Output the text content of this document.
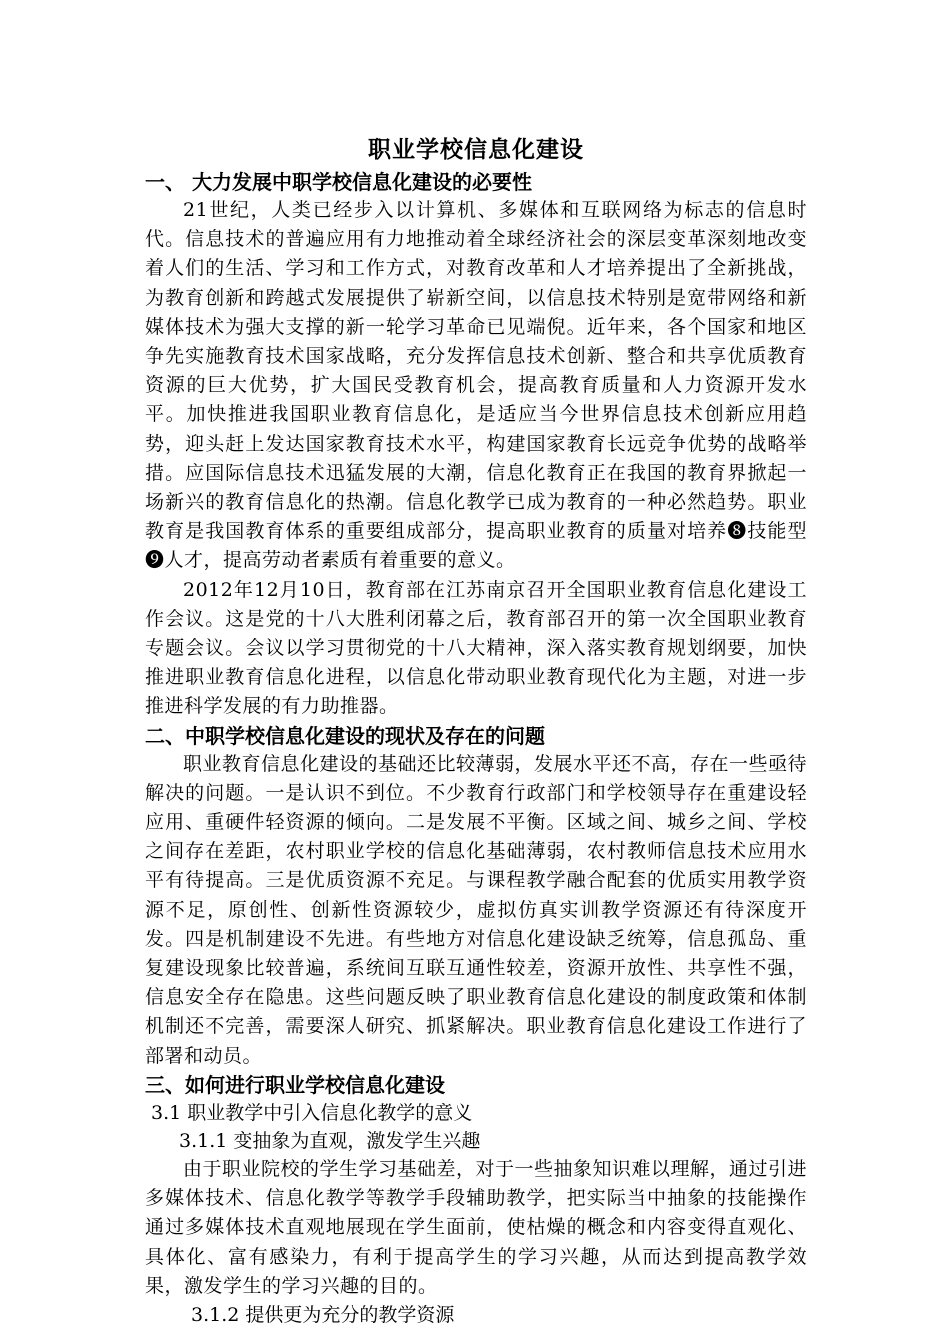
职业学校信息化建设
一、 大力发展中职学校信息化建设的必要性

21世纪，人类已经步入以计算机、多媒体和互联网络为标志的信息时代。信息技术的普遍应用有力地推动着全球经济社会的深层变革深刻地改变着人们的生活、学习和工作方式，对教育改革和人才培养提出了全新挑战，为教育创新和跨越式发展提供了崭新空间，以信息技术特别是宽带网络和新媒体技术为强大支撑的新一轮学习革命已见端倪。近年来，各个国家和地区争先实施教育技术国家战略，充分发挥信息技术创新、整合和共享优质教育资源的巨大优势，扩大国民受教育机会，提高教育质量和人力资源开发水平。加快推进我国职业教育信息化，是适应当今世界信息技术创新应用趋势，迎头赶上发达国家教育技术水平，构建国家教育长远竞争优势的战略举措。应国际信息技术迅猛发展的大潮，信息化教育正在我国的教育界掀起一场新兴的教育信息化的热潮。信息化教学已成为教育的一种必然趋势。职业教育是我国教育体系的重要组成部分，提高职业教育的质量对培养❽技能型❾人才，提高劳动者素质有着重要的意义。

2012年12月10日，教育部在江苏南京召开全国职业教育信息化建设工作会议。这是党的十八大胜利闭幕之后，教育部召开的第一次全国职业教育专题会议。会议以学习贯彻党的十八大精神，深入落实教育规划纲要，加快推进职业教育信息化进程，以信息化带动职业教育现代化为主题，对进一步推进科学发展的有力助推器。

二、中职学校信息化建设的现状及存在的问题

职业教育信息化建设的基础还比较薄弱，发展水平还不高，存在一些亟待解决的问题。一是认识不到位。不少教育行政部门和学校领导存在重建设轻应用、重硬件轻资源的倾向。二是发展不平衡。区域之间、城乡之间、学校之间存在差距，农村职业学校的信息化基础薄弱，农村教师信息技术应用水平有待提高。三是优质资源不充足。与课程教学融合配套的优质实用教学资源不足，原创性、创新性资源较少，虚拟仿真实训教学资源还有待深度开发。四是机制建设不先进。有些地方对信息化建设缺乏统筹，信息孤岛、重复建设现象比较普遍，系统间互联互通性较差，资源开放性、共享性不强，信息安全存在隐患。这些问题反映了职业教育信息化建设的制度政策和体制机制还不完善，需要深人研究、抓紧解决。职业教育信息化建设工作进行了部署和动员。

三、如何进行职业学校信息化建设

3.1 职业教学中引入信息化教学的意义

3.1.1 变抽象为直观，激发学生兴趣

由于职业院校的学生学习基础差，对于一些抽象知识难以理解，通过引进多媒体技术、信息化教学等教学手段辅助教学，把实际当中抽象的技能操作通过多媒体技术直观地展现在学生面前，使枯燥的概念和内容变得直观化、具体化、富有感染力，有利于提高学生的学习兴趣，从而达到提高教学效果，激发学生的学习兴趣的目的。

3.1.2 提供更为充分的教学资源
